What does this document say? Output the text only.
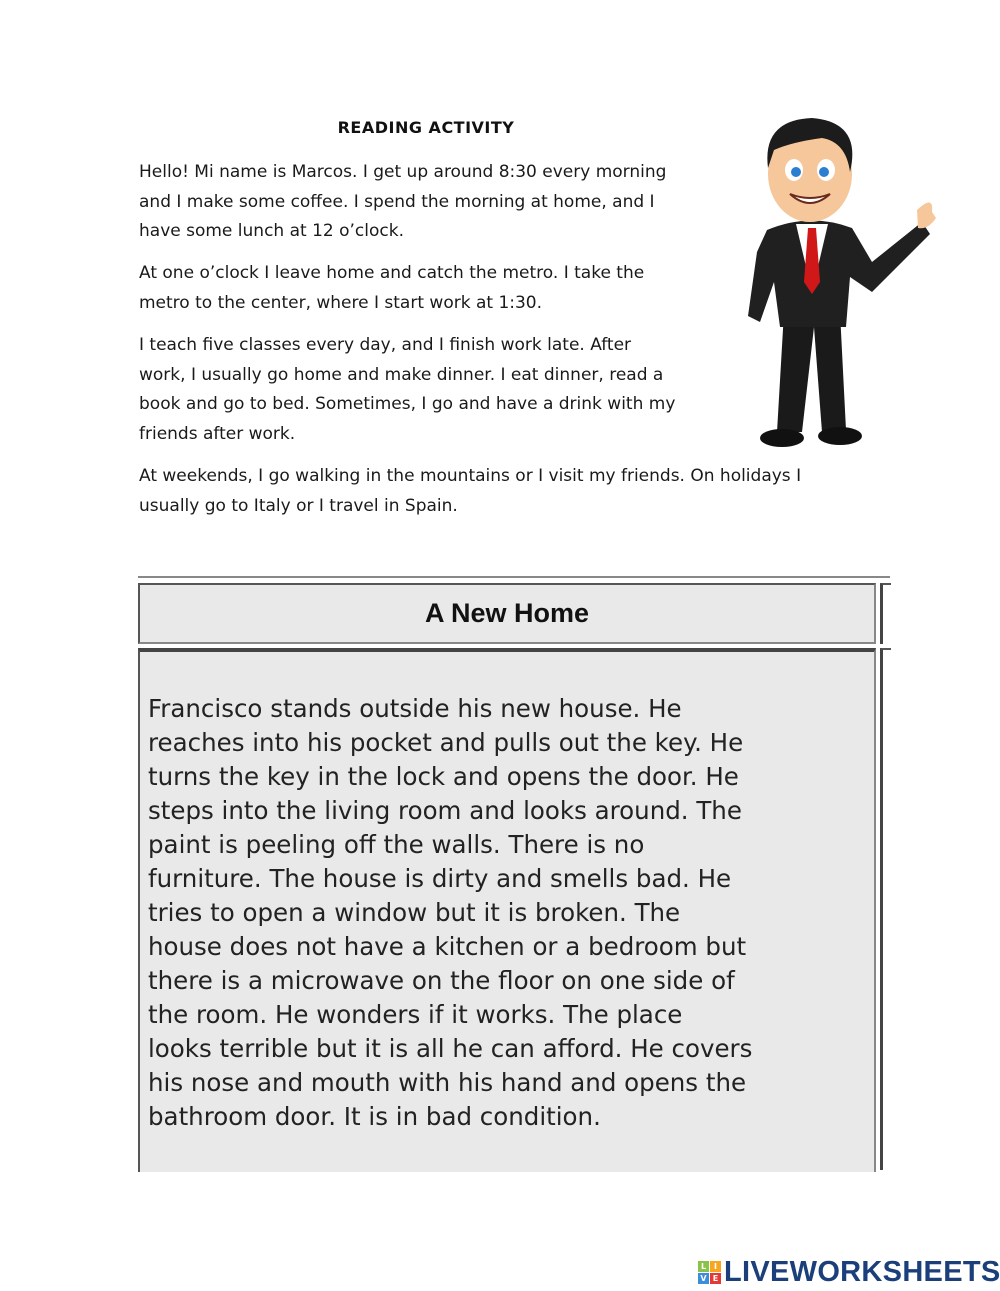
READING ACTIVITY
Hello! Mi name is Marcos. I get up around 8:30 every morning
and I make some coffee. I spend the morning at home, and I
have some lunch at 12 o’clock.
At one o’clock I leave home and catch the metro. I take the
metro to the center, where I start work at 1:30.
I teach five classes every day, and I finish work late. After
work, I usually go home and make dinner. I eat dinner, read a
book and go to bed. Sometimes, I go and have a drink with my
friends after work.
At weekends, I go walking in the mountains or I visit my friends. On holidays I
usually go to Italy or I travel in Spain.
A New Home
Francisco stands outside his new house. He
reaches into his pocket and pulls out the key. He
turns the key in the lock and opens the door. He
steps into the living room and looks around. The
paint is peeling off the walls. There is no
furniture. The house is dirty and smells bad. He
tries to open a window but it is broken. The
house does not have a kitchen or a bedroom but
there is a microwave on the floor on one side of
the room. He wonders if it works. The place
looks terrible but it is all he can afford. He covers
his nose and mouth with his hand and opens the
bathroom door. It is in bad condition.
L I
V E LIVEWORKSHEETS
